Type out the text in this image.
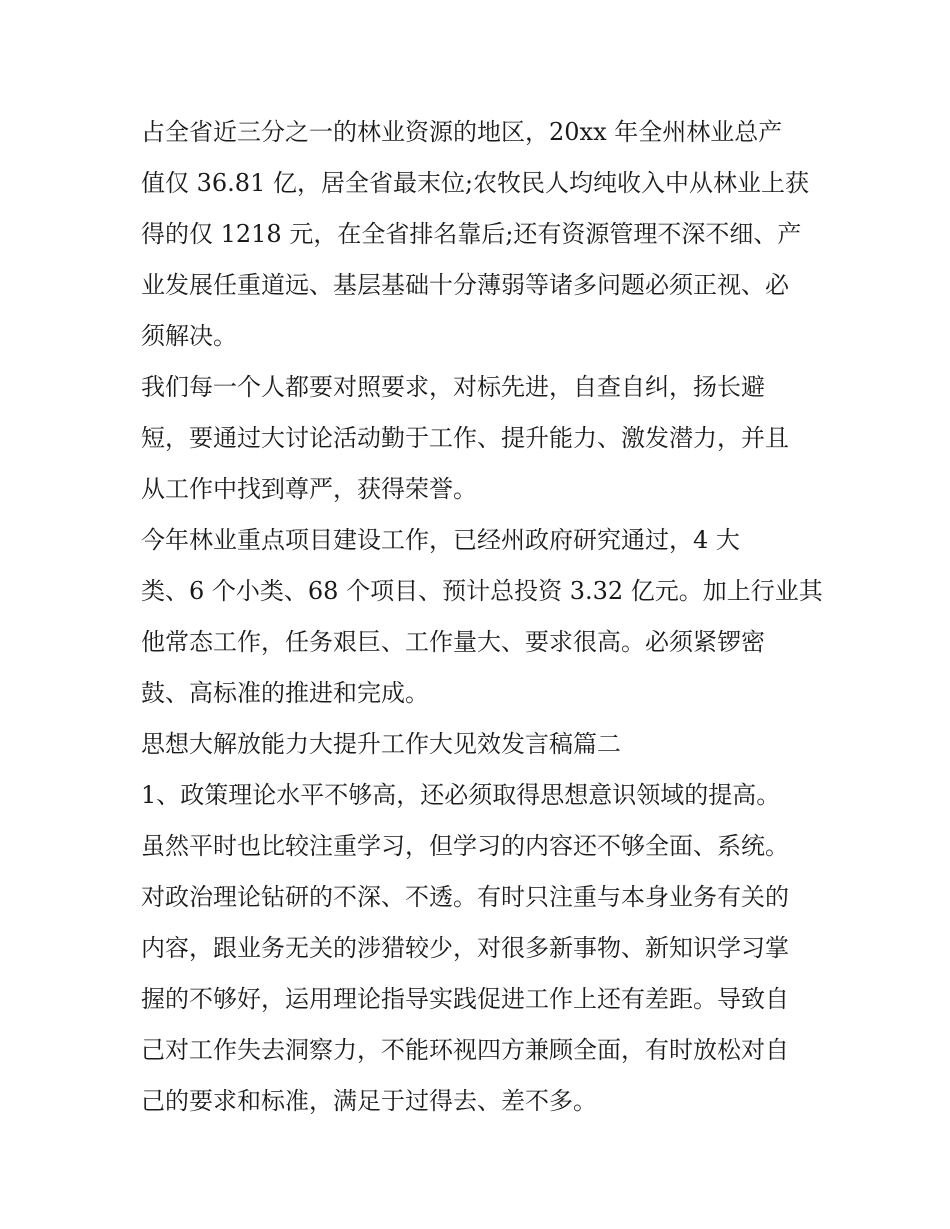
占全省近三分之一的林业资源的地区，20xx 年全州林业总产
值仅 36.81 亿，居全省最末位;农牧民人均纯收入中从林业上获
得的仅 1218 元，在全省排名靠后;还有资源管理不深不细、产
业发展任重道远、基层基础十分薄弱等诸多问题必须正视、必
须解决。
我们每一个人都要对照要求，对标先进，自查自纠，扬长避
短，要通过大讨论活动勤于工作、提升能力、激发潜力，并且
从工作中找到尊严，获得荣誉。
今年林业重点项目建设工作，已经州政府研究通过，4 大
类、6 个小类、68 个项目、预计总投资 3.32 亿元。加上行业其
他常态工作，任务艰巨、工作量大、要求很高。必须紧锣密
鼓、高标准的推进和完成。
思想大解放能力大提升工作大见效发言稿篇二
1、政策理论水平不够高，还必须取得思想意识领域的提高。
虽然平时也比较注重学习，但学习的内容还不够全面、系统。
对政治理论钻研的不深、不透。有时只注重与本身业务有关的
内容，跟业务无关的涉猎较少，对很多新事物、新知识学习掌
握的不够好，运用理论指导实践促进工作上还有差距。导致自
己对工作失去洞察力，不能环视四方兼顾全面，有时放松对自
己的要求和标准，满足于过得去、差不多。
